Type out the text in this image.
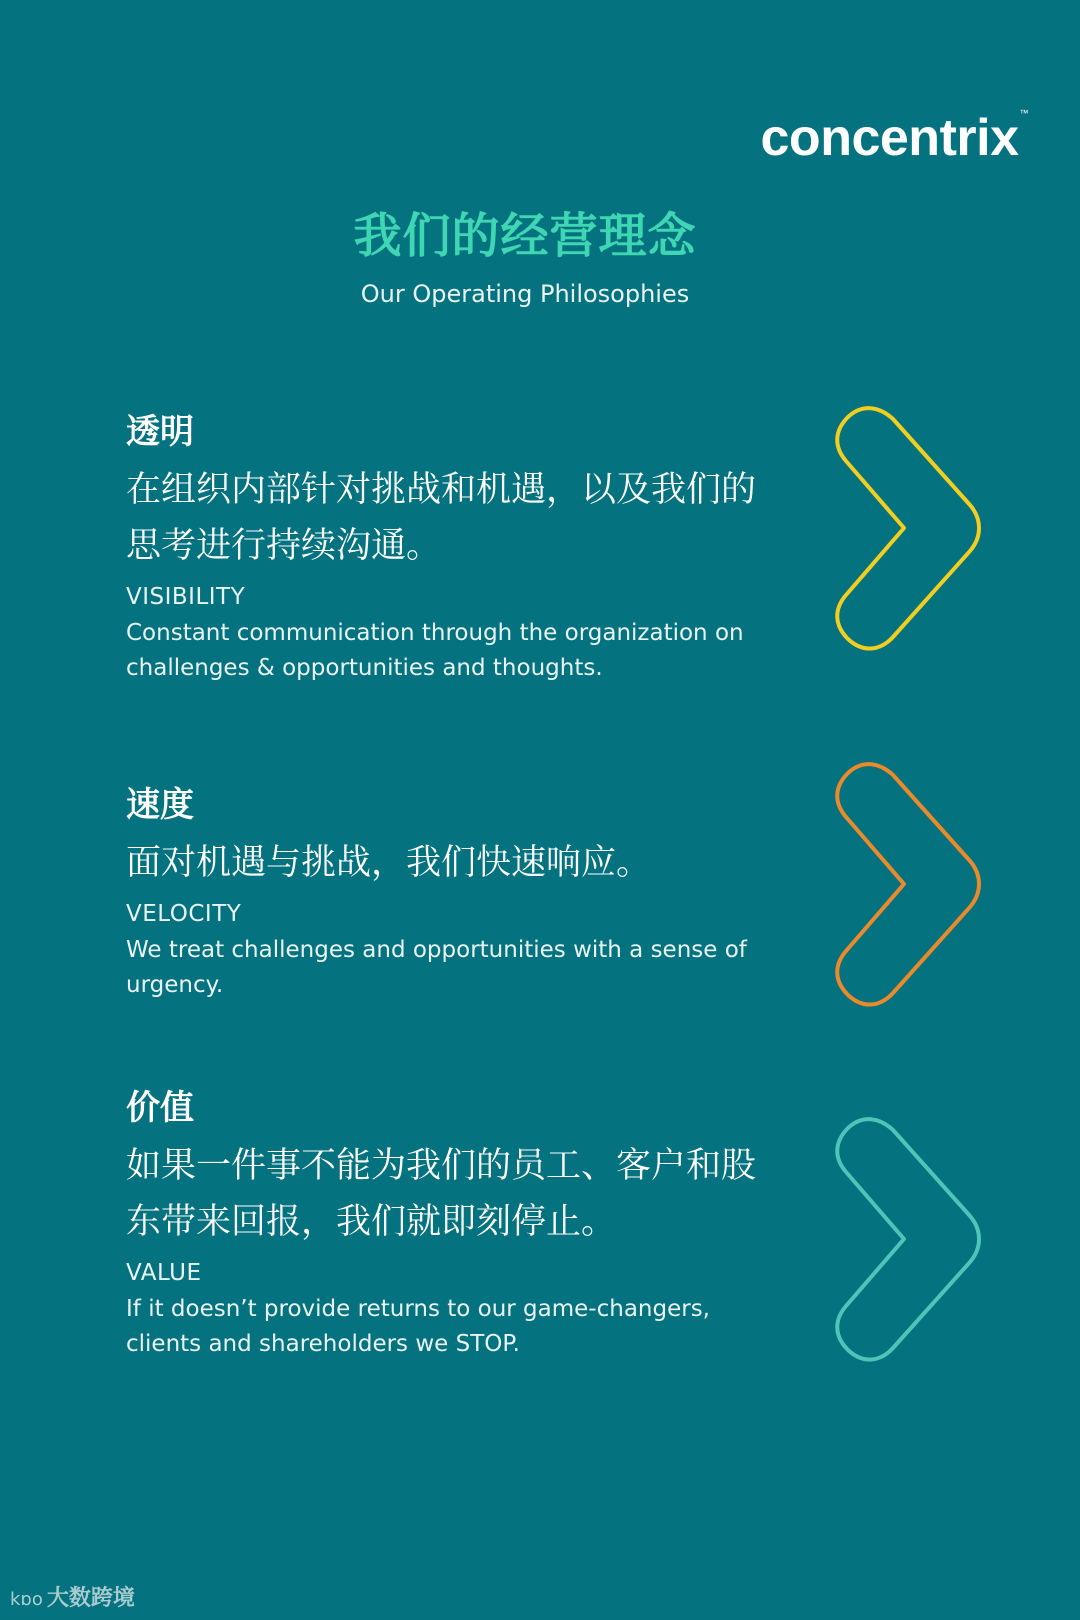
concentrix™
我们的经营理念
Our Operating Philosophies
透明
在组织内部针对挑战和机遇，以及我们的思考进行持续沟通。
VISIBILITY
Constant communication through the organization on challenges & opportunities and thoughts.
速度
面对机遇与挑战，我们快速响应。
VELOCITY
We treat challenges and opportunities with a sense of urgency.
价值
如果一件事不能为我们的员工、客户和股东带来回报，我们就即刻停止。
VALUE
If it doesn’t provide returns to our game-changers, clients and shareholders we STOP.
kɒo 大数跨境
